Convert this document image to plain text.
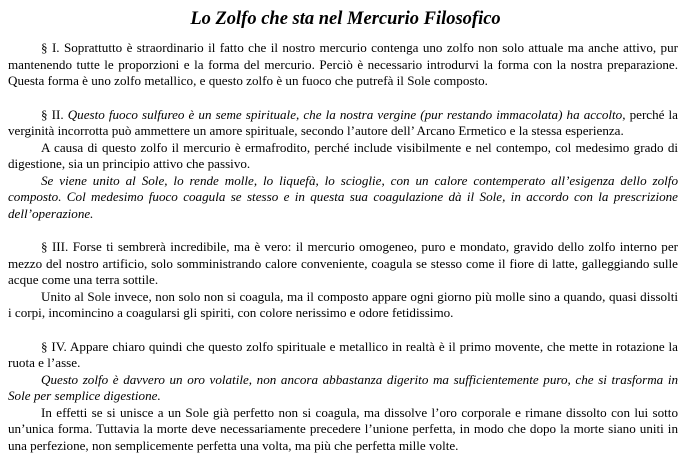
Lo Zolfo che sta nel Mercurio Filosofico

§ I. Soprattutto è straordinario il fatto che il nostro mercurio contenga uno zolfo non solo attuale ma anche attivo, pur mantenendo tutte le proporzioni e la forma del mercurio. Perciò è necessario introdurvi la forma con la nostra preparazione. Questa forma è uno zolfo metallico, e questo zolfo è un fuoco che putrefà il Sole composto.

§ II. Questo fuoco sulfureo è un seme spirituale, che la nostra vergine (pur restando immacolata) ha accolto, perché la verginità incorrotta può ammettere un amore spirituale, secondo l’autore dell’ Arcano Ermetico e la stessa esperienza.

A causa di questo zolfo il mercurio è ermafrodito, perché include visibilmente e nel contempo, col medesimo grado di digestione, sia un principio attivo che passivo.

Se viene unito al Sole, lo rende molle, lo liquefà, lo scioglie, con un calore contemperato all’esigenza dello zolfo composto. Col medesimo fuoco coagula se stesso e in questa sua coagulazione dà il Sole, in accordo con la prescrizione dell’operazione.

§ III. Forse ti sembrerà incredibile, ma è vero: il mercurio omogeneo, puro e mondato, gravido dello zolfo interno per mezzo del nostro artificio, solo somministrando calore conveniente, coagula se stesso come il fiore di latte, galleggiando sulle acque come una terra sottile.

Unito al Sole invece, non solo non si coagula, ma il composto appare ogni giorno più molle sino a quando, quasi dissolti i corpi, incomincino a coagularsi gli spiriti, con colore nerissimo e odore fetidissimo.

§ IV. Appare chiaro quindi che questo zolfo spirituale e metallico in realtà è il primo movente, che mette in rotazione la ruota e l’asse.

Questo zolfo è davvero un oro volatile, non ancora abbastanza digerito ma sufficientemente puro, che si trasforma in Sole per semplice digestione.

In effetti se si unisce a un Sole già perfetto non si coagula, ma dissolve l’oro corporale e rimane dissolto con lui sotto un’unica forma. Tuttavia la morte deve necessariamente precedere l’unione perfetta, in modo che dopo la morte siano uniti in una perfezione, non semplicemente perfetta una volta, ma più che perfetta mille volte.
